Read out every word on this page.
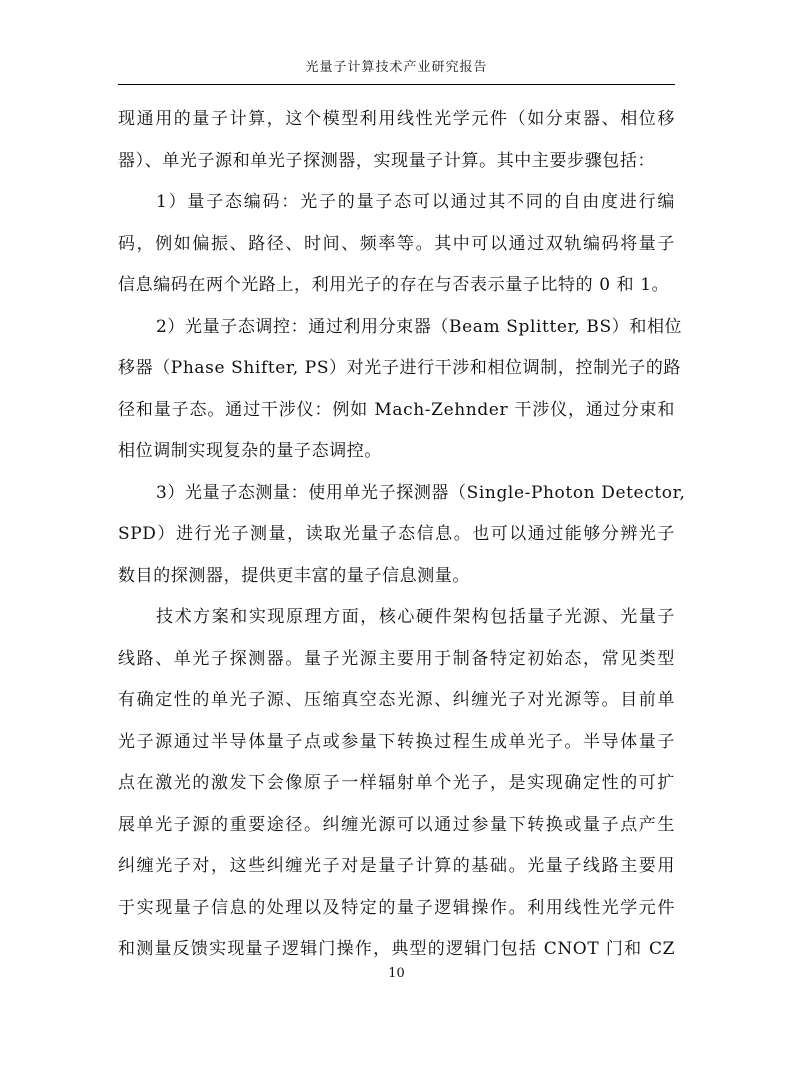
光量子计算技术产业研究报告
现通用的量子计算，这个模型利用线性光学元件（如分束器、相位移
器）、单光子源和单光子探测器，实现量子计算。其中主要步骤包括：
1）量子态编码：光子的量子态可以通过其不同的自由度进行编
码，例如偏振、路径、时间、频率等。其中可以通过双轨编码将量子
信息编码在两个光路上，利用光子的存在与否表示量子比特的 0 和 1。
2）光量子态调控：通过利用分束器（Beam Splitter, BS）和相位
移器（Phase Shifter, PS）对光子进行干涉和相位调制，控制光子的路
径和量子态。通过干涉仪：例如 Mach-Zehnder 干涉仪，通过分束和
相位调制实现复杂的量子态调控。
3）光量子态测量：使用单光子探测器（Single-Photon Detector,
SPD）进行光子测量，读取光量子态信息。也可以通过能够分辨光子
数目的探测器，提供更丰富的量子信息测量。
技术方案和实现原理方面，核心硬件架构包括量子光源、光量子
线路、单光子探测器。量子光源主要用于制备特定初始态，常见类型
有确定性的单光子源、压缩真空态光源、纠缠光子对光源等。目前单
光子源通过半导体量子点或参量下转换过程生成单光子。半导体量子
点在激光的激发下会像原子一样辐射单个光子，是实现确定性的可扩
展单光子源的重要途径。纠缠光源可以通过参量下转换或量子点产生
纠缠光子对，这些纠缠光子对是量子计算的基础。光量子线路主要用
于实现量子信息的处理以及特定的量子逻辑操作。利用线性光学元件
和测量反馈实现量子逻辑门操作，典型的逻辑门包括 CNOT 门和 CZ
10
